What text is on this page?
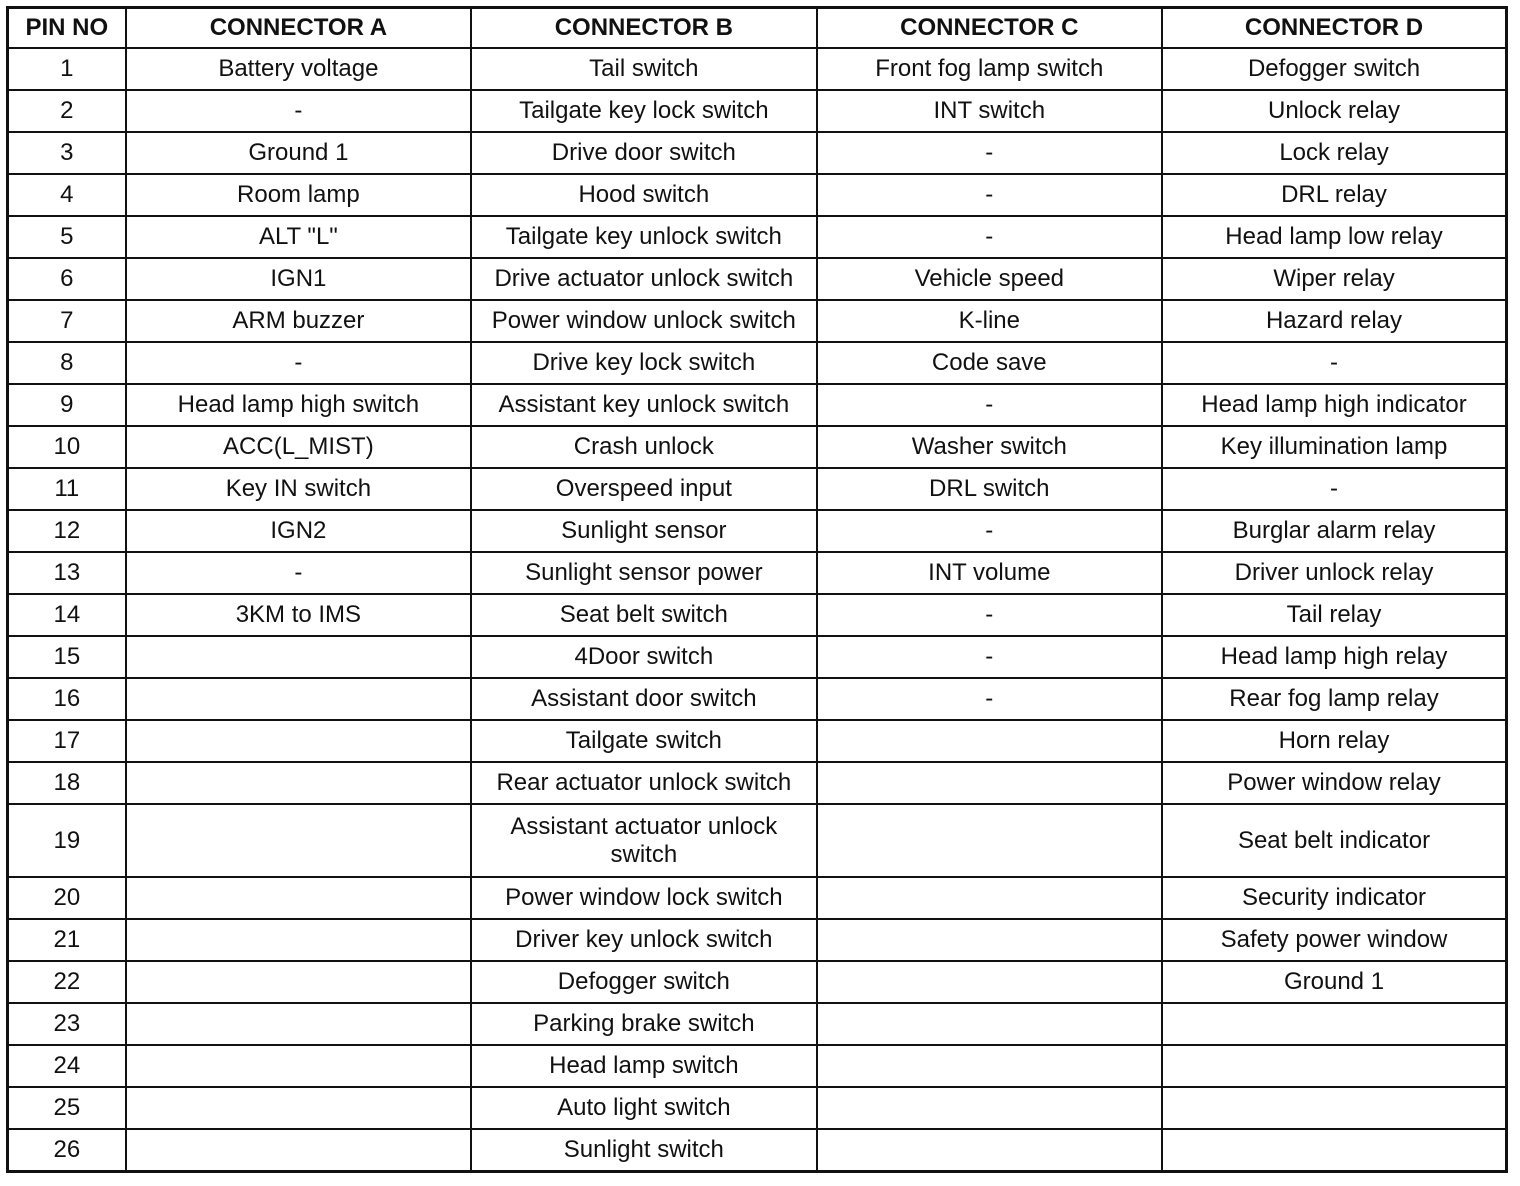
PIN NO	CONNECTOR A	CONNECTOR B	CONNECTOR C	CONNECTOR D
1	Battery voltage	Tail switch	Front fog lamp switch	Defogger switch
2	-	Tailgate key lock switch	INT switch	Unlock relay
3	Ground 1	Drive door switch	-	Lock relay
4	Room lamp	Hood switch	-	DRL relay
5	ALT "L"	Tailgate key unlock switch	-	Head lamp low relay
6	IGN1	Drive actuator unlock switch	Vehicle speed	Wiper relay
7	ARM buzzer	Power window unlock switch	K-line	Hazard relay
8	-	Drive key lock switch	Code save	-
9	Head lamp high switch	Assistant key unlock switch	-	Head lamp high indicator
10	ACC(L_MIST)	Crash unlock	Washer switch	Key illumination lamp
11	Key IN switch	Overspeed input	DRL switch	-
12	IGN2	Sunlight sensor	-	Burglar alarm relay
13	-	Sunlight sensor power	INT volume	Driver unlock relay
14	3KM to IMS	Seat belt switch	-	Tail relay
15		4Door switch	-	Head lamp high relay
16		Assistant door switch	-	Rear fog lamp relay
17		Tailgate switch		Horn relay
18		Rear actuator unlock switch		Power window relay
19		Assistant actuator unlock switch		Seat belt indicator
20		Power window lock switch		Security indicator
21		Driver key unlock switch		Safety power window
22		Defogger switch		Ground 1
23		Parking brake switch		
24		Head lamp switch		
25		Auto light switch		
26		Sunlight switch		
